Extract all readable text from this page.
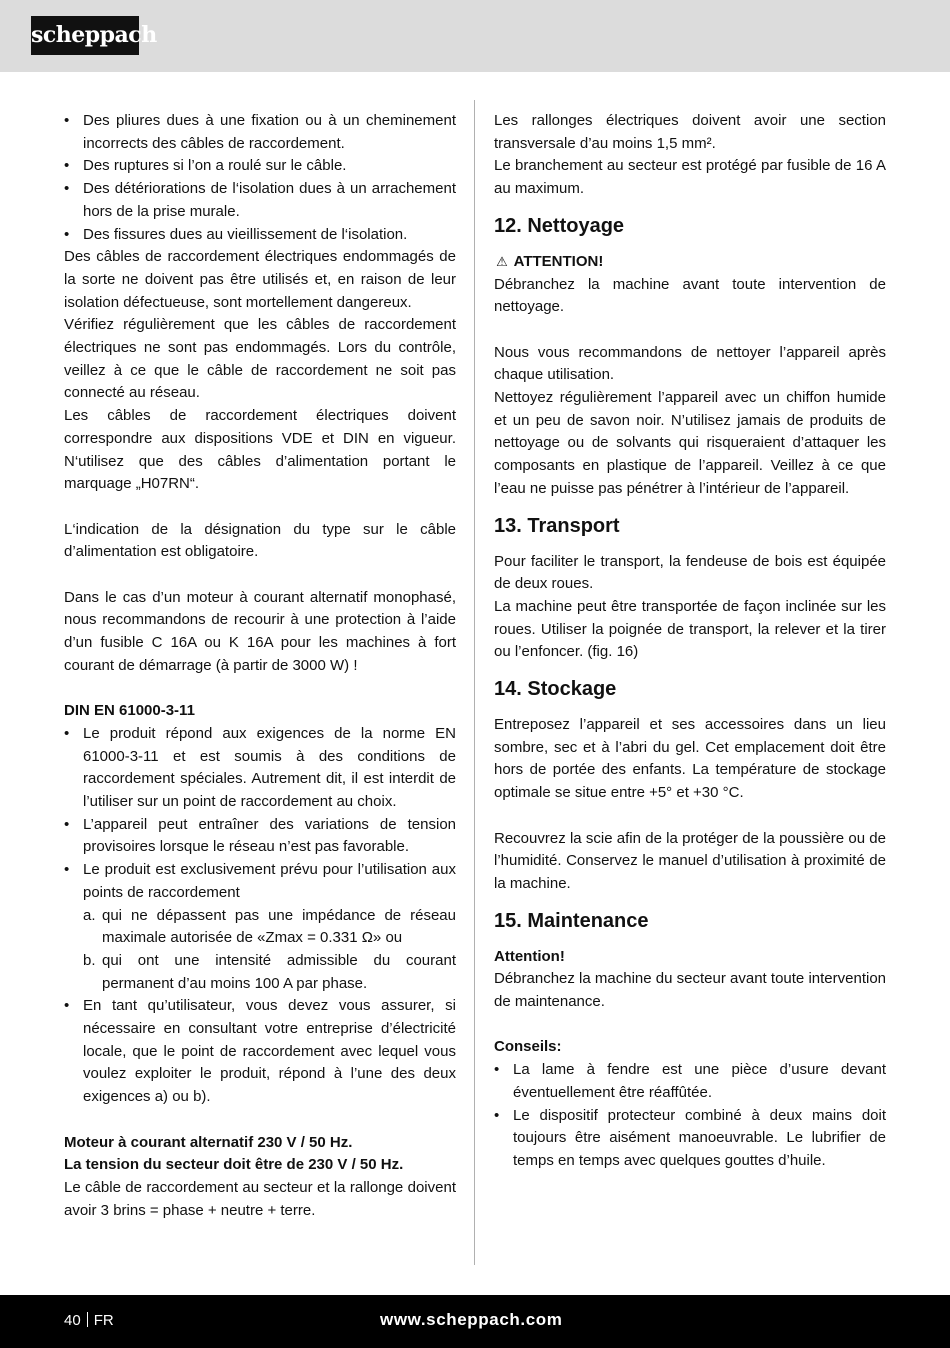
scheppach
• Des pliures dues à une fixation ou à un cheminement incorrects des câbles de raccordement.
• Des ruptures si l’on a roulé sur le câble.
• Des détériorations de l‘isolation dues à un arrachement hors de la prise murale.
• Des fissures dues au vieillissement de l‘isolation.

Des câbles de raccordement électriques endommagés de la sorte ne doivent pas être utilisés et, en raison de leur isolation défectueuse, sont mortellement dangereux.

Vérifiez régulièrement que les câbles de raccordement électriques ne sont pas endommagés. Lors du contrôle, veillez à ce que le câble de raccordement ne soit pas connecté au réseau.

Les câbles de raccordement électriques doivent correspondre aux dispositions VDE et DIN en vigueur. N‘utilisez que des câbles d’alimentation portant le marquage „H07RN“.

L‘indication de la désignation du type sur le câble d’alimentation est obligatoire.

Dans le cas d’un moteur à courant alternatif monophasé, nous recommandons de recourir à une protection à l’aide d’un fusible C 16A ou K 16A pour les machines à fort courant de démarrage (à partir de 3000 W) !

DIN EN 61000-3-11

• Le produit répond aux exigences de la norme EN 61000-3-11 et est soumis à des conditions de raccordement spéciales. Autrement dit, il est interdit de l’utiliser sur un point de raccordement au choix.
• L’appareil peut entraîner des variations de tension provisoires lorsque le réseau n’est pas favorable.
• Le produit est exclusivement prévu pour l’utilisation aux points de raccordement
a. qui ne dépassent pas une impédance de réseau maximale autorisée de «Zmax = 0.331 Ω» ou
b. qui ont une intensité admissible du courant permanent d’au moins 100 A par phase.
• En tant qu’utilisateur, vous devez vous assurer, si nécessaire en consultant votre entreprise d’électricité locale, que le point de raccordement avec lequel vous voulez exploiter le produit, répond à l’une des deux exigences a) ou b).

Moteur à courant alternatif 230 V / 50 Hz.

La tension du secteur doit être de 230 V / 50 Hz.

Le câble de raccordement au secteur et la rallonge doivent avoir 3 brins = phase + neutre + terre.

Les rallonges électriques doivent avoir une section transversale d’au moins 1,5 mm².

Le branchement au secteur est protégé par fusible de 16 A au maximum.

12. Nettoyage

⚠ ATTENTION!

Débranchez la machine avant toute intervention de nettoyage.

Nous vous recommandons de nettoyer l’appareil après chaque utilisation.

Nettoyez régulièrement l’appareil avec un chiffon humide et un peu de savon noir. N’utilisez jamais de produits de nettoyage ou de solvants qui risqueraient d’attaquer les composants en plastique de l’appareil. Veillez à ce que l’eau ne puisse pas pénétrer à l’intérieur de l’appareil.

13. Transport

Pour faciliter le transport, la fendeuse de bois est équipée de deux roues.

La machine peut être transportée de façon inclinée sur les roues. Utiliser la poignée de transport, la relever et la tirer ou l’enfoncer. (fig. 16)

14. Stockage

Entreposez l’appareil et ses accessoires dans un lieu sombre, sec et à l’abri du gel. Cet emplacement doit être hors de portée des enfants. La température de stockage optimale se situe entre +5° et +30 °C.

Recouvrez la scie afin de la protéger de la poussière ou de l’humidité. Conservez le manuel d’utilisation à proximité de la machine.

15. Maintenance

Attention!

Débranchez la machine du secteur avant toute intervention de maintenance.

Conseils:

• La lame à fendre est une pièce d’usure devant éventuellement être réaffûtée.
• Le dispositif protecteur combiné à deux mains doit toujours être aisément manoeuvrable. Le lubrifier de temps en temps avec quelques gouttes d’huile.
40 FR	www.scheppach.com
